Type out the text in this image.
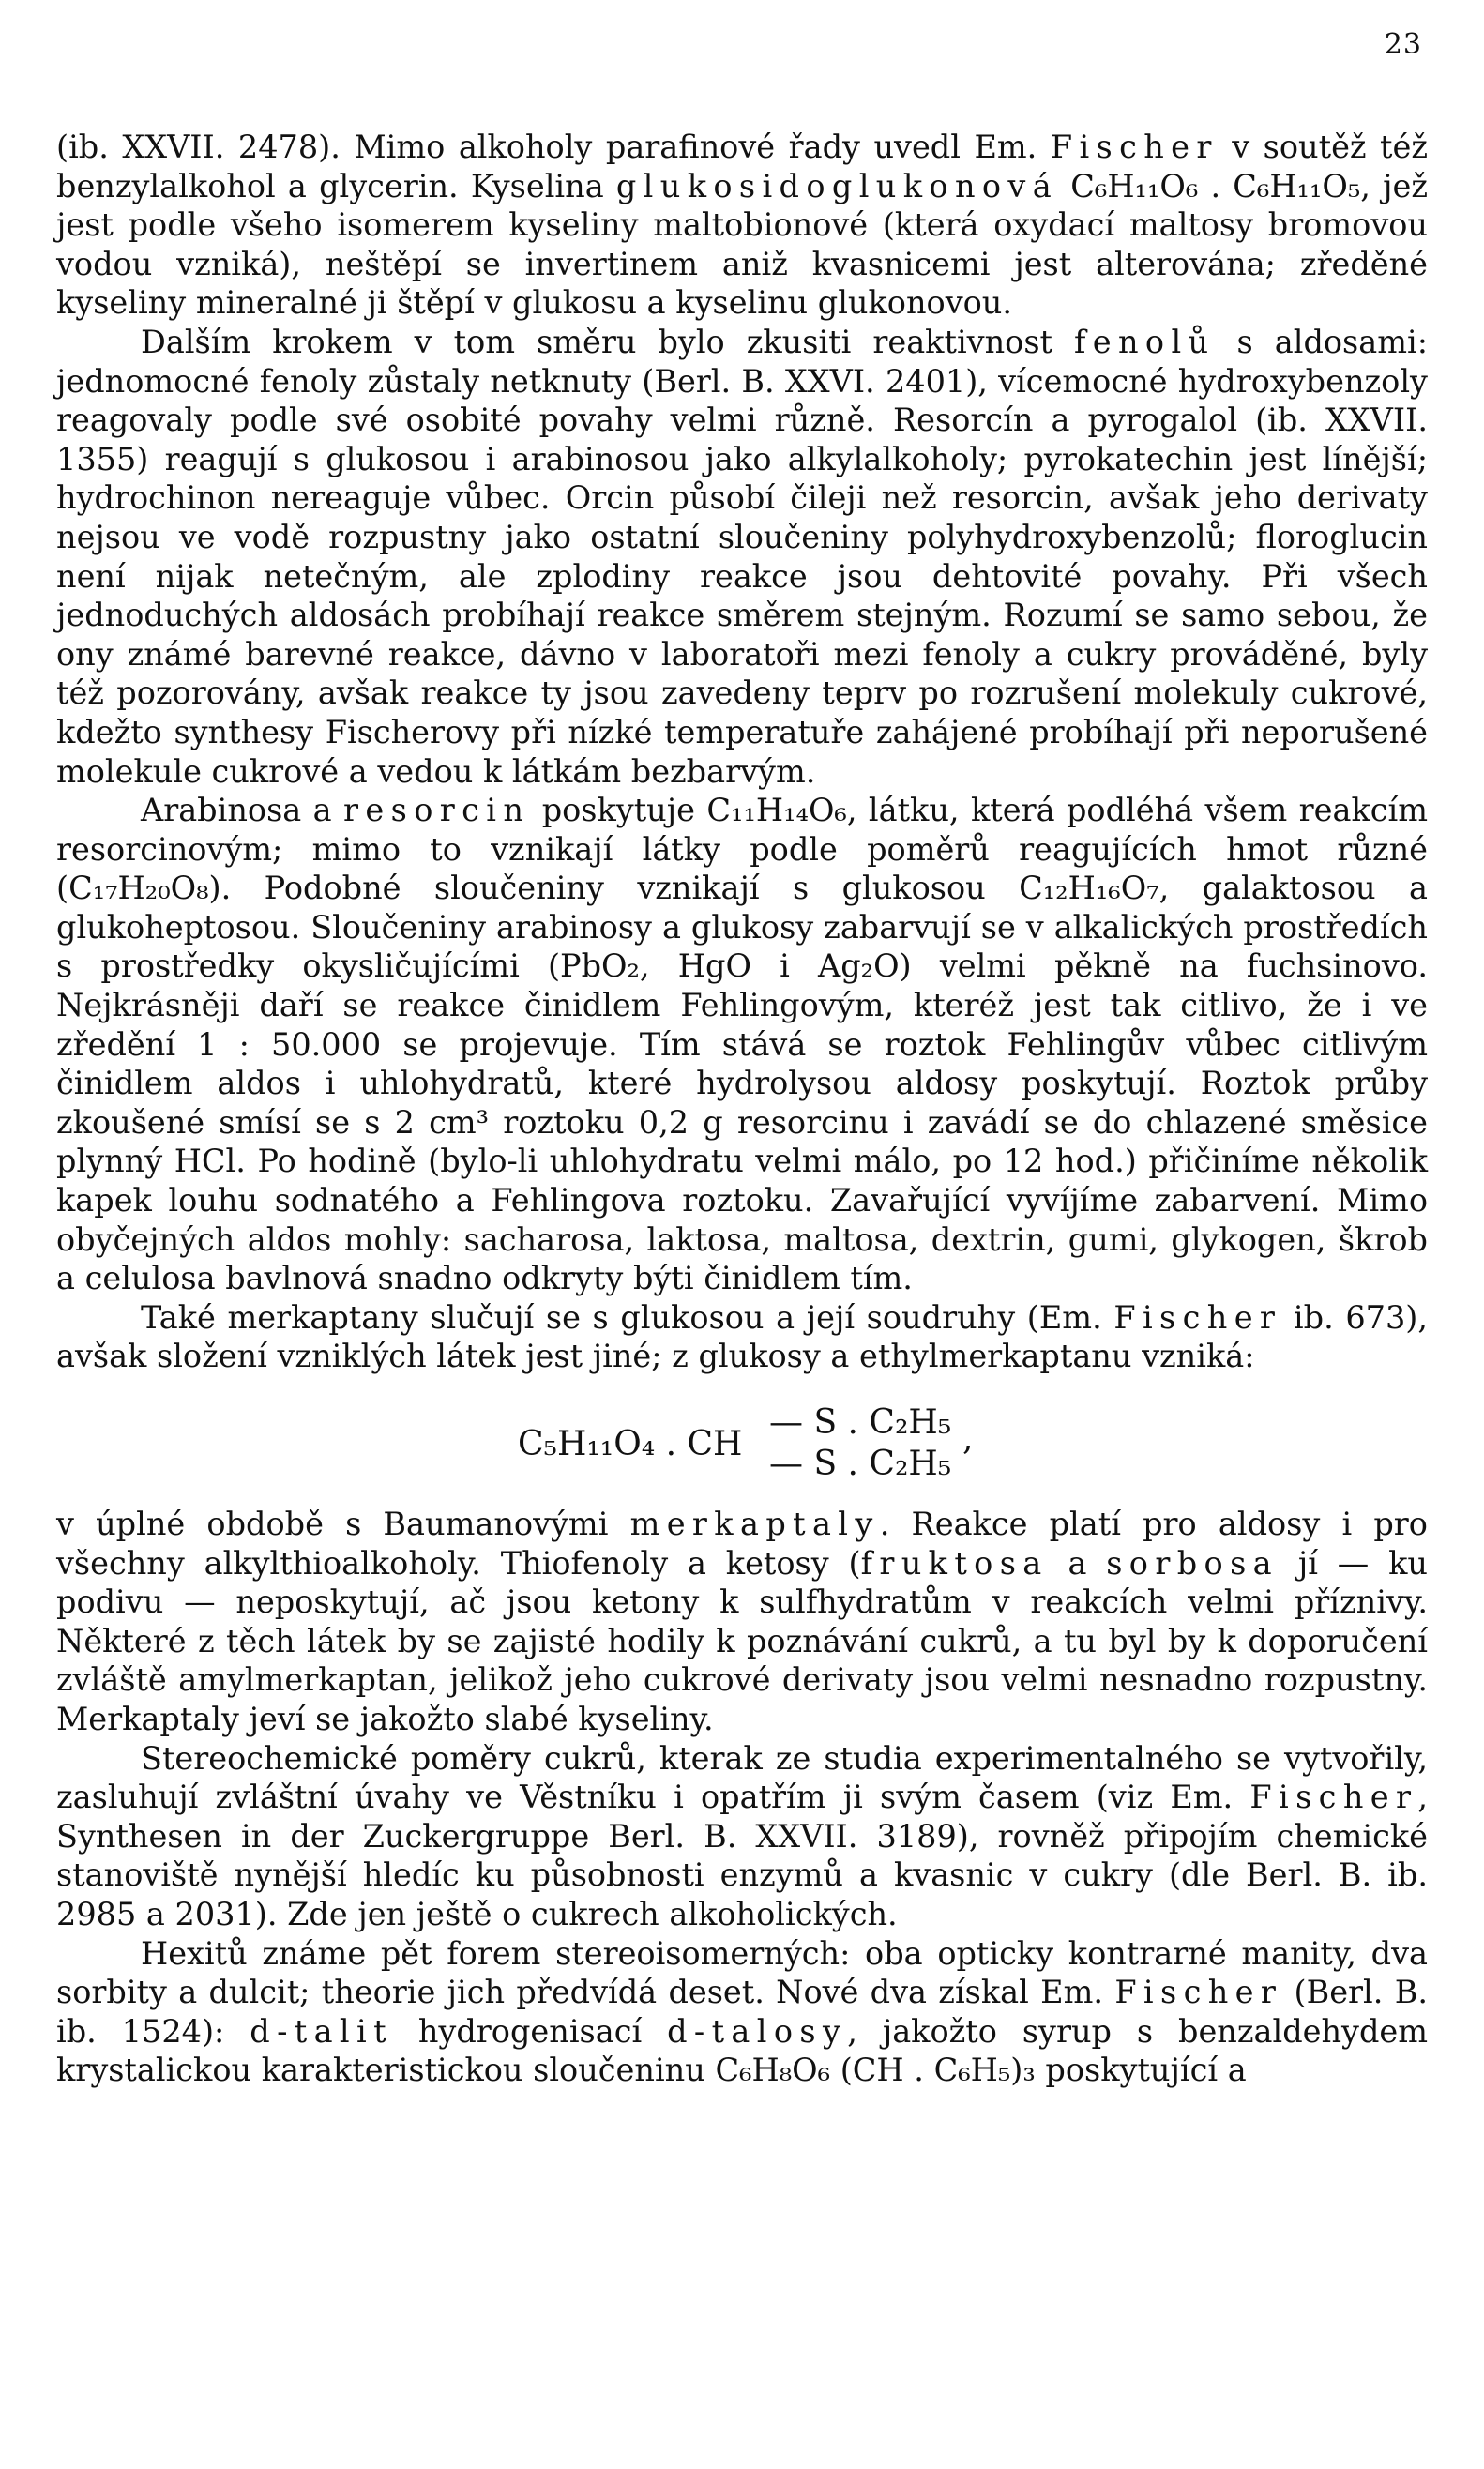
23

(ib. XXVII. 2478). Mimo alkoholy parafinové řady uvedl Em. Fischer v soutěž též benzylalkohol a glycerin. Kyselina glukosidoglukonová C₆H₁₁O₆ . C₆H₁₁O₅, jež jest podle všeho isomerem kyseliny maltobionové (která oxydací maltosy bromovou vodou vzniká), neštěpí se invertinem aniž kvasnicemi jest alterována; zředěné kyseliny mineralné ji štěpí v glukosu a kyselinu glukonovou.

Dalším krokem v tom směru bylo zkusiti reaktivnost fenolů s aldosami: jednomocné fenoly zůstaly netknuty (Berl. B. XXVI. 2401), vícemocné hydroxybenzoly reagovaly podle své osobité povahy velmi různě. Resorcín a pyrogalol (ib. XXVII. 1355) reagují s glukosou i arabinosou jako alkylalkoholy; pyrokatechin jest línější; hydrochinon nereaguje vůbec. Orcin působí čileji než resorcin, avšak jeho derivaty nejsou ve vodě rozpustny jako ostatní sloučeniny polyhydroxybenzolů; floroglucin není nijak netečným, ale zplodiny reakce jsou dehtovité povahy. Při všech jednoduchých aldosách probíhají reakce směrem stejným. Rozumí se samo sebou, že ony známé barevné reakce, dávno v laboratoři mezi fenoly a cukry prováděné, byly též pozorovány, avšak reakce ty jsou zavedeny teprv po rozrušení molekuly cukrové, kdežto synthesy Fischerovy při nízké temperatuře zahájené probíhají při neporušené molekule cukrové a vedou k látkám bezbarvým.

Arabinosa a resorcin poskytuje C₁₁H₁₄O₆, látku, která podléhá všem reakcím resorcinovým; mimo to vznikají látky podle poměrů reagujících hmot různé (C₁₇H₂₀O₈). Podobné sloučeniny vznikají s glukosou C₁₂H₁₆O₇, galaktosou a glukoheptosou. Sloučeniny arabinosy a glukosy zabarvují se v alkalických prostředích s prostředky okysličujícími (PbO₂, HgO i Ag₂O) velmi pěkně na fuchsinovo. Nejkrásněji daří se reakce činidlem Fehlingovým, kteréž jest tak citlivo, že i ve zředění 1 : 50.000 se projevuje. Tím stává se roztok Fehlingův vůbec citlivým činidlem aldos i uhlohydratů, které hydrolysou aldosy poskytují. Roztok průby zkoušené smísí se s 2 cm³ roztoku 0,2 g resorcinu i zavádí se do chlazené směsice plynný HCl. Po hodině (bylo-li uhlohydratu velmi málo, po 12 hod.) přičiníme několik kapek louhu sodnatého a Fehlingova roztoku. Zavařující vyvíjíme zabarvení. Mimo obyčejných aldos mohly: sacharosa, laktosa, maltosa, dextrin, gumi, glykogen, škrob a celulosa bavlnová snadno odkryty býti činidlem tím.

Také merkaptany slučují se s glukosou a její soudruhy (Em. Fischer ib. 673), avšak složení vzniklých látek jest jiné; z glukosy a ethylmerkaptanu vzniká:

C₅H₁₁O₄ . CH
— S . C₂H₅
— S . C₂H₅
,

v úplné obdobě s Baumanovými merkaptaly. Reakce platí pro aldosy i pro všechny alkylthioalkoholy. Thiofenoly a ketosy (fruktosa a sorbosa jí — ku podivu — neposkytují, ač jsou ketony k sulfhydratům v reakcích velmi příznivy. Některé z těch látek by se zajisté hodily k poznávání cukrů, a tu byl by k doporučení zvláště amylmerkaptan, jelikož jeho cukrové derivaty jsou velmi nesnadno rozpustny. Merkaptaly jeví se jakožto slabé kyseliny.

Stereochemické poměry cukrů, kterak ze studia experimentalného se vytvořily, zasluhují zvláštní úvahy ve Věstníku i opatřím ji svým časem (viz Em. Fischer, Synthesen in der Zuckergruppe Berl. B. XXVII. 3189), rovněž připojím chemické stanoviště nynější hledíc ku působnosti enzymů a kvasnic v cukry (dle Berl. B. ib. 2985 a 2031). Zde jen ještě o cukrech alkoholických.

Hexitů známe pět forem stereoisomerných: oba opticky kontrarné manity, dva sorbity a dulcit; theorie jich předvídá deset. Nové dva získal Em. Fischer (Berl. B. ib. 1524): d-talit hydrogenisací d-talosy, jakožto syrup s benzaldehydem krystalickou karakteristickou sloučeninu C₆H₈O₆ (CH . C₆H₅)₃ poskytující a
